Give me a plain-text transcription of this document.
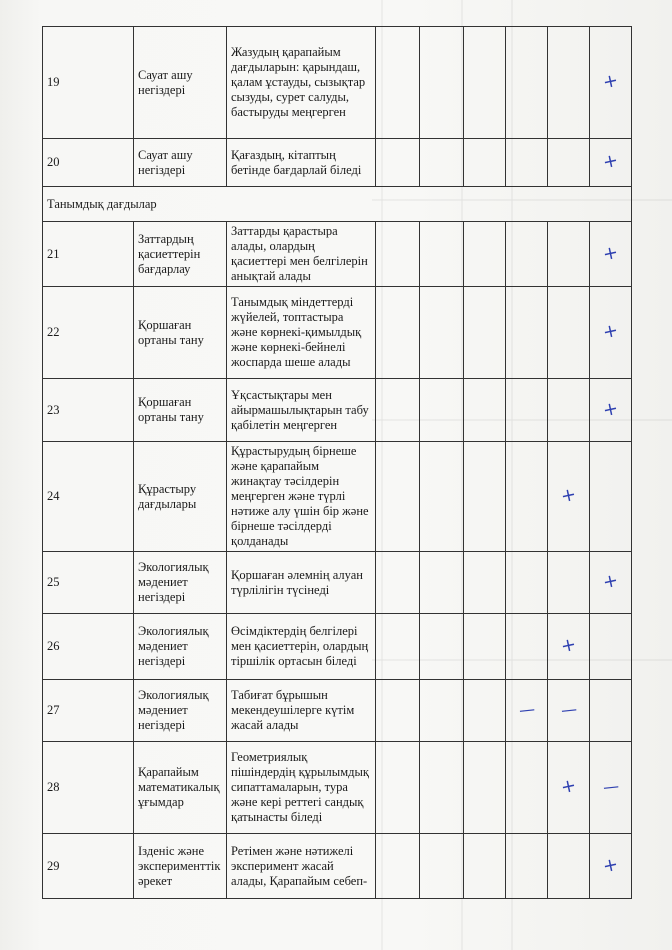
19	Сауат ашу негіздері	Жазудың қарапайым дағдыларын: қарындаш, қалам ұстауды, сызықтар сызуды, сурет салуды, бастыруды меңгерген						+
20	Сауат ашу негіздері	Қағаздың, кітаптың бетінде бағдарлай біледі						+
Танымдық дағдылар								
21	Заттардың қасиеттерін бағдарлау	Заттарды қарастыра алады, олардың қасиеттері мен белгілерін анықтай алады						+
22	Қоршаған ортаны тану	Танымдық міндеттерді жүйелей, топтастыра және көрнекі-қимылдық және көрнекі-бейнелі жоспарда шеше алады						+
23	Қоршаған ортаны тану	Ұқсастықтары мен айырмашылықтарын табу қабілетін меңгерген						+
24	Құрастыру дағдылары	Құрастырудың бірнеше және қарапайым жинақтау тәсілдерін меңгерген және түрлі нәтиже алу үшін бір және бірнеше тәсілдерді қолданады					+	
25	Экологиялық мәдениет негіздері	Қоршаған әлемнің алуан түрлілігін түсінеді						+
26	Экологиялық мәдениет негіздері	Өсімдіктердің белгілері мен қасиеттерін, олардың тіршілік ортасын біледі					+	
27	Экологиялық мәдениет негіздері	Табиғат бұрышын мекендеушілерге күтім жасай алады				—	—	
28	Қарапайым математикалық ұғымдар	Геометриялық пішіндердің құрылымдық сипаттамаларын, тура және кері реттегі сандық қатынасты біледі					+	—
29	Ізденіс және эксперименттік әрекет	Ретімен және нәтижелі эксперимент жасай алады, Қарапайым себеп-						+
